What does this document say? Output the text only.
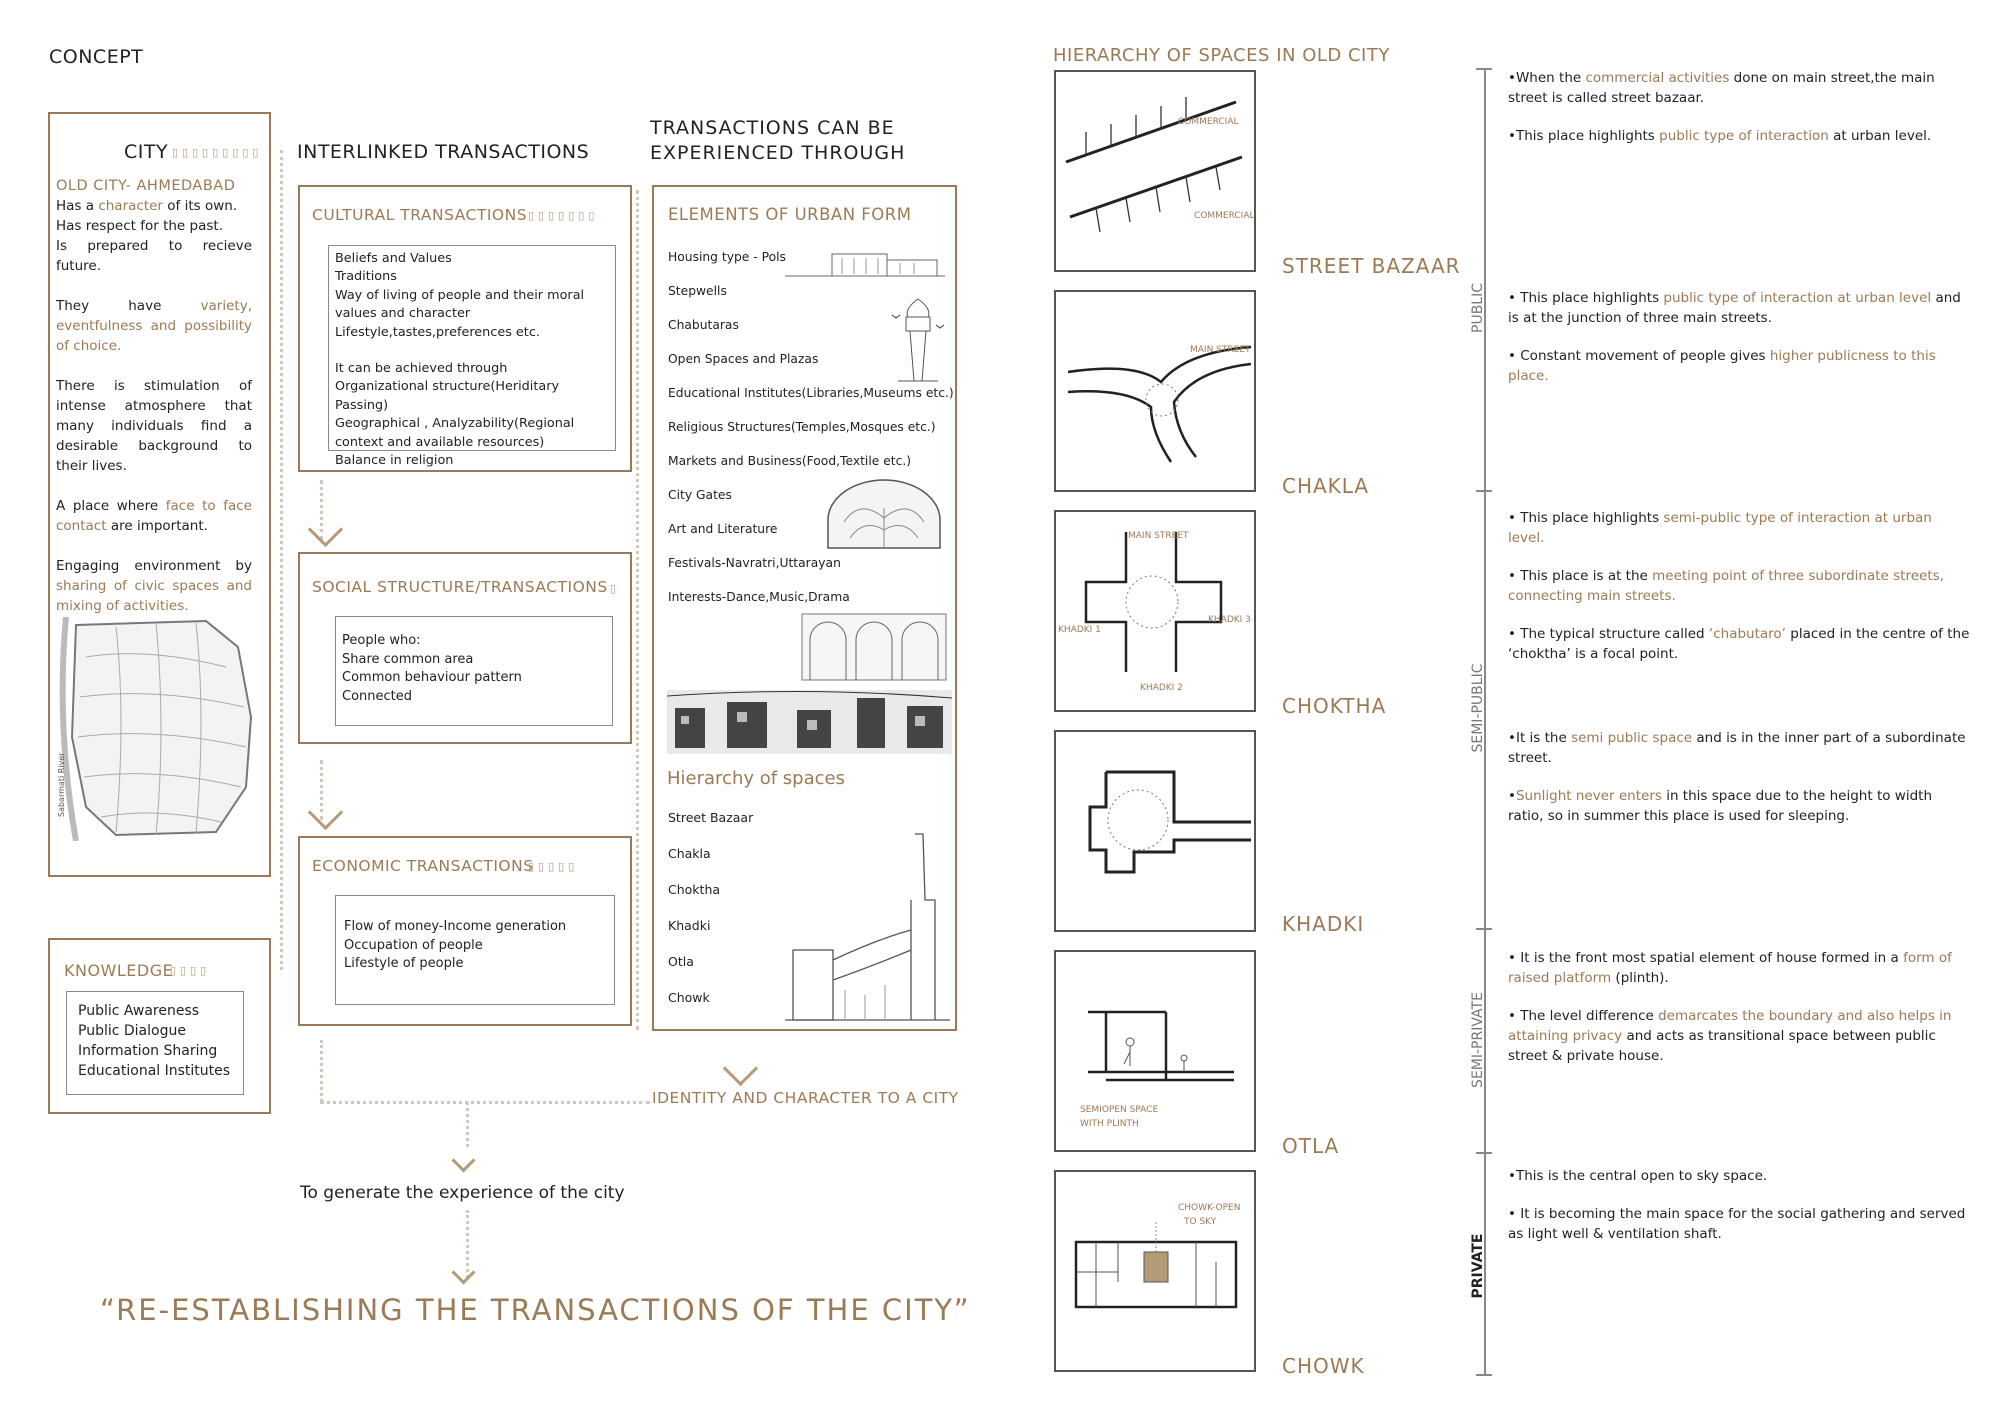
CONCEPT
CITY ▯▯▯▯▯▯▯▯▯
OLD CITY- AHMEDABAD
Has a character of its own.
Has respect for the past.
Is prepared to recieve future.
They have variety, eventfulness and possibility of choice.
There is stimulation of intense atmosphere that many individuals find a desirable background to their lives.
A place where face to face contact are important.
Engaging environment by sharing of civic spaces and mixing of activities.
Sabarmati River
KNOWLEDGE
▯▯▯▯
Public Awareness
Public Dialogue
Information Sharing
Educational Institutes
INTERLINKED TRANSACTIONS
CULTURAL TRANSACTIONS ▯▯▯▯▯▯▯
Beliefs and Values
Traditions
Way of living of people and their moral values and character
Lifestyle,tastes,preferences etc.
It can be achieved through
Organizational structure(Heriditary Passing)
Geographical , Analyzability(Regional context and available resources)
Balance in religion
SOCIAL STRUCTURE/TRANSACTIONS ▯
People who:
Share common area
Common behaviour pattern
Connected
ECONOMIC TRANSACTIONS
▯▯▯▯▯
Flow of money-Income generation
Occupation of people
Lifestyle of people
TRANSACTIONS CAN BE
EXPERIENCED THROUGH
ELEMENTS OF URBAN FORM
Housing type - Pols
Stepwells
Chabutaras
Open Spaces and Plazas
Educational Institutes(Libraries,Museums etc.)
Religious Structures(Temples,Mosques etc.)
Markets and Business(Food,Textile etc.)
City Gates
Art and Literature
Festivals-Navratri,Uttarayan
Interests-Dance,Music,Drama
Hierarchy of spaces
Street Bazaar
Chakla
Choktha
Khadki
Otla
Chowk
IDENTITY AND CHARACTER TO A CITY
To generate the experience of the city
“RE-ESTABLISHING THE TRANSACTIONS OF THE CITY”
HIERARCHY OF SPACES IN OLD CITY
COMMERCIAL
COMMERCIAL
MAIN STREET
MAIN STREET
KHADKI 1
KHADKI 3
KHADKI 2
SEMIOPEN SPACE
WITH PLINTH
CHOWK-OPEN
TO SKY
STREET BAZAAR
CHAKLA
CHOKTHA
KHADKI
OTLA
CHOWK
PUBLIC
SEMI-PUBLIC
SEMI-PRIVATE
PRIVATE

•When the commercial activities done on main street,the main street is called street bazaar.

•This place highlights public type of interaction at urban level.

• This place highlights public type of interaction at urban level and is at the junction of three main streets.

• Constant movement of people gives higher publicness to this place.

• This place highlights semi-public type of interaction at urban level.

• This place is at the meeting point of three subordinate streets, connecting main streets.

• The typical structure called ‘chabutaro’ placed in the centre of the ‘choktha’ is a focal point.

•It is the semi public space and is in the inner part of a subordinate street.

•Sunlight never enters in this space due to the height to width ratio, so in summer this place is used for sleeping.

• It is the front most spatial element of house formed in a form of raised platform (plinth).

• The level difference demarcates the boundary and also helps in attaining privacy and acts as transitional space between public street & private house.

•This is the central open to sky space.

• It is becoming the main space for the social gathering and served as light well & ventilation shaft.
